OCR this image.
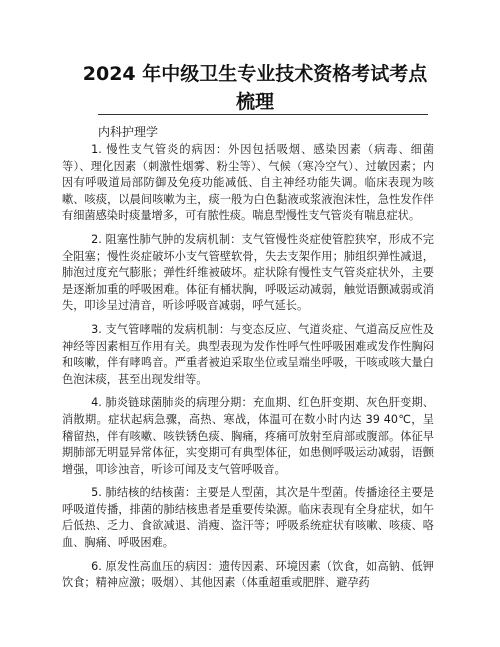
2024 年中级卫生专业技术资格考试考点
梳理
内科护理学

1. 慢性支气管炎的病因：外因包括吸烟、感染因素（病毒、细菌等）、理化因素（刺激性烟雾、粉尘等）、气候（寒冷空气）、过敏因素；内因有呼吸道局部防御及免疫功能减低、自主神经功能失调。临床表现为咳嗽、咳痰，以晨间咳嗽为主，痰一般为白色黏液或浆液泡沫性，急性发作伴有细菌感染时痰量增多，可有脓性痰。喘息型慢性支气管炎有喘息症状。

2. 阻塞性肺气肿的发病机制：支气管慢性炎症使管腔狭窄，形成不完全阻塞；慢性炎症破坏小支气管壁软骨，失去支架作用；肺组织弹性减退，肺泡过度充气膨胀；弹性纤维被破坏。症状除有慢性支气管炎症状外，主要是逐渐加重的呼吸困难。体征有桶状胸，呼吸运动减弱，触觉语颤减弱或消失，叩诊呈过清音，听诊呼吸音减弱，呼气延长。

3. 支气管哮喘的发病机制：与变态反应、气道炎症、气道高反应性及神经等因素相互作用有关。典型表现为发作性呼气性呼吸困难或发作性胸闷和咳嗽，伴有哮鸣音。严重者被迫采取坐位或呈端坐呼吸，干咳或咳大量白色泡沫痰，甚至出现发绀等。

4. 肺炎链球菌肺炎的病理分期：充血期、红色肝变期、灰色肝变期、消散期。症状起病急骤，高热、寒战，体温可在数小时内达 39 40℃，呈稽留热，伴有咳嗽、咳铁锈色痰、胸痛，疼痛可放射至肩部或腹部。体征早期肺部无明显异常体征，实变期可有典型体征，如患侧呼吸运动减弱，语颤增强，叩诊浊音，听诊可闻及支气管呼吸音。

5. 肺结核的结核菌：主要是人型菌，其次是牛型菌。传播途径主要是呼吸道传播，排菌的肺结核患者是重要传染源。临床表现有全身症状，如午后低热、乏力、食欲减退、消瘦、盗汗等；呼吸系统症状有咳嗽、咳痰、咯血、胸痛、呼吸困难。

6. 原发性高血压的病因：遗传因素、环境因素（饮食，如高钠、低钾饮食；精神应激；吸烟）、其他因素（体重超重或肥胖、避孕药
